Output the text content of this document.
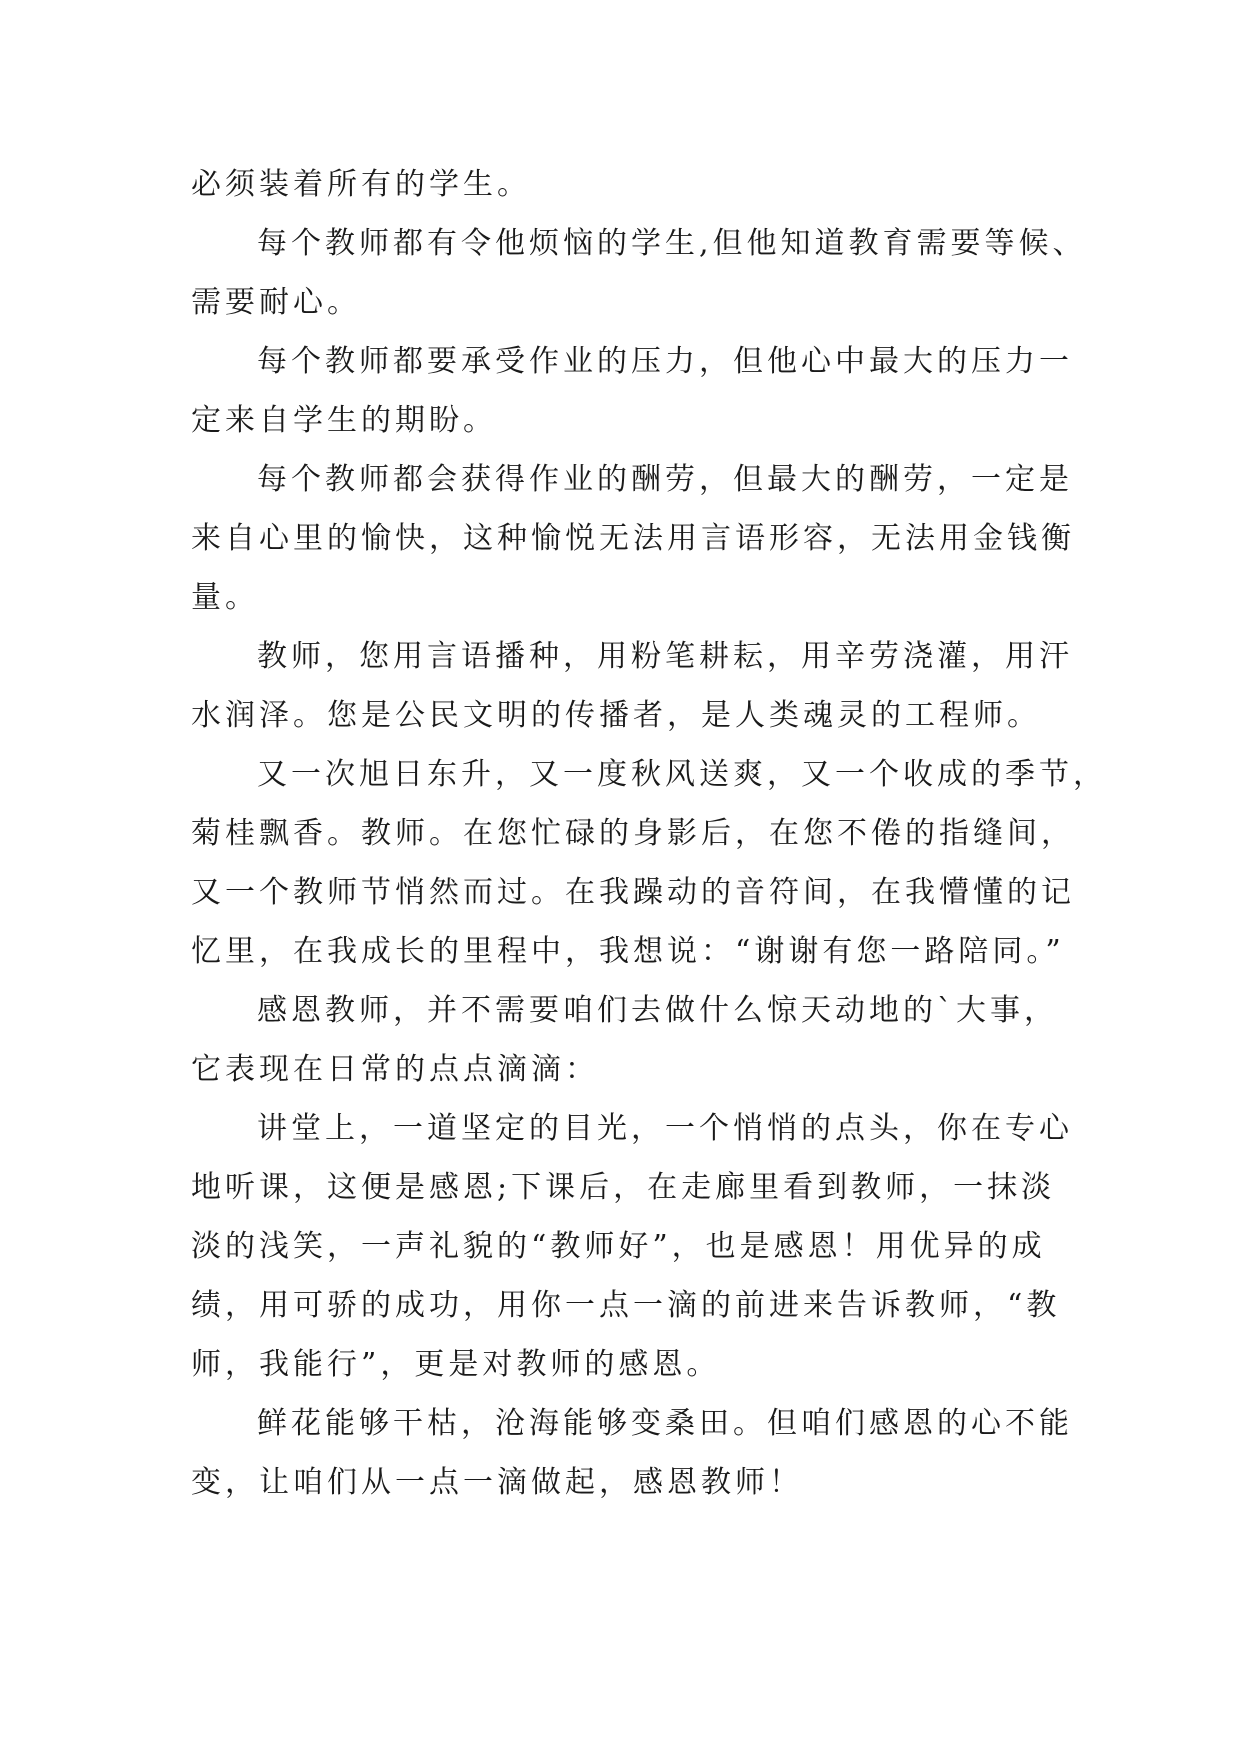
必须装着所有的学生。
每个教师都有令他烦恼的学生,但他知道教育需要等候、
需要耐心。
每个教师都要承受作业的压力，但他心中最大的压力一
定来自学生的期盼。
每个教师都会获得作业的酬劳，但最大的酬劳，一定是
来自心里的愉快，这种愉悦无法用言语形容，无法用金钱衡
量。
教师，您用言语播种，用粉笔耕耘，用辛劳浇灌，用汗
水润泽。您是公民文明的传播者，是人类魂灵的工程师。
又一次旭日东升，又一度秋风送爽，又一个收成的季节，
菊桂飘香。教师。在您忙碌的身影后，在您不倦的指缝间，
又一个教师节悄然而过。在我躁动的音符间，在我懵懂的记
忆里，在我成长的里程中，我想说：“谢谢有您一路陪同。”
感恩教师，并不需要咱们去做什么惊天动地的`大事，
它表现在日常的点点滴滴：
讲堂上，一道坚定的目光，一个悄悄的点头，你在专心
地听课，这便是感恩;下课后，在走廊里看到教师，一抹淡
淡的浅笑，一声礼貌的“教师好”，也是感恩！用优异的成
绩，用可骄的成功，用你一点一滴的前进来告诉教师，“教
师，我能行”，更是对教师的感恩。
鲜花能够干枯，沧海能够变桑田。但咱们感恩的心不能
变，让咱们从一点一滴做起，感恩教师！
